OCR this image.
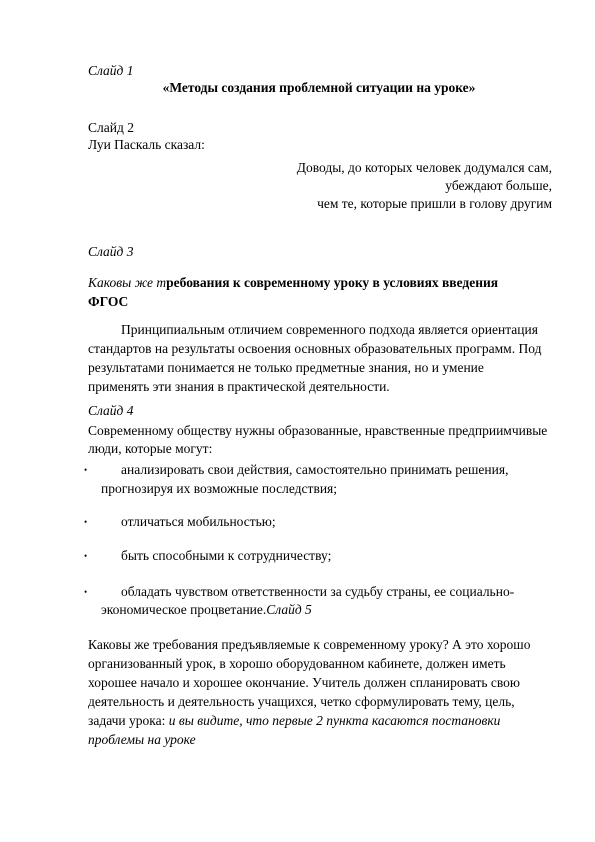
Слайд 1
«Методы создания проблемной ситуации на уроке»
Слайд 2
Луи Паскаль сказал:
Доводы, до которых человек додумался сам,
убеждают больше,
чем те, которые пришли в голову другим
Слайд 3
Каковы же требования к современному уроку в условиях введения
ФГОС
Принципиальным отличием современного подхода является ориентация
стандартов на результаты освоения основных образовательных программ. Под
результатами понимается не только предметные знания, но и умение
применять эти знания в практической деятельности.
Слайд 4
Современному обществу нужны образованные, нравственные предприимчивые
люди, которые могут:
•	анализировать свои действия, самостоятельно принимать решения,
прогнозируя их возможные последствия;
•	отличаться мобильностью;
•	быть способными к сотрудничеству;
•	обладать чувством ответственности за судьбу страны, ее социально-
экономическое процветание.Слайд 5
Каковы же требования предъявляемые к современному уроку? А это хорошо
организованный урок, в хорошо оборудованном кабинете, должен иметь
хорошее начало и хорошее окончание. Учитель должен спланировать свою
деятельность и деятельность учащихся, четко сформулировать тему, цель,
задачи урока: и вы видите, что первые 2 пункта касаются постановки
проблемы на уроке
